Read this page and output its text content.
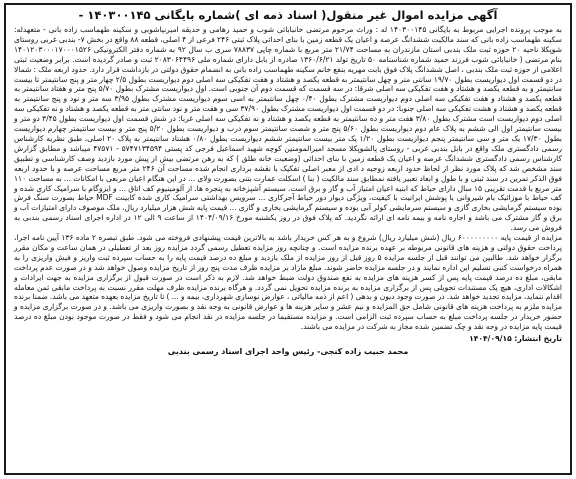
آگهی مزایده اموال غیر منقول( اسناد ذمه ای )شماره بایگانی ۱۴۰۳۰۰۱۴۵ -
به موجب پرونده اجرایی مربوط به بایگانی ۱۴۰۳۰۰۱۴۵ له : وراث مرحوم مرتضی خانبابائی شوب و حمید رهامی و حدیقه امیرنیاشوبی و سکینه طهماسب زاده بانی - متعهدله: سکینه طهماسب زاده بانی که سند مالکیت ششدانگ عرصه و اعیان یک قطعه زمین با بنای احداثی پلاک ثبتی ۲۴۶ فرعی از ۴ اصلی، قطعه ۸۸ واقع در بخش ۷- بندبی غربی روستای شوپکلا ناحیه ۲۰ حوزه ثبت ملک بندبی استان مازندران به مساحت ۲۱/۷۴ متر مربع با شماره چاپی ۷۸۸۳۷ سری ب سال ۹۲ به شماره دفتر الکترونیکی ۱۴۰۱۲۰۳۰۰۰۱۷۰۰۰۱۵۲۶ بنام مرتضی ( خانبابائی شوب فرزند حمید شماره شناسنامه ۵۰ تاریخ تولد ۱۳۶۰/۶/۲۱ صادره از بابل دارای شماره ملی ۲۰۸۳۰۶۴۴۹۶ ثبت و صادر گردیده است. برابر وضعیت ثبتی اعلامی از حوزه ثبت ملک بندبی ، اصل ششدانگ پلاک فوق بابت مهریه بنفع خانم سکینه طهماسب زاده بانی به انضمام حقوق دولتی در بازداشت قرار دارد. حدود اربعه ملک : شمالا در دو قسمت اول دیواریست بطول ۱۹/۷۰ سانتی متر و چهل سانتیمتر به قطعه یکصد و هشتاد و هفت تفکیکی سه اصلی دوم دیواریست بطول ۲/۵ چهار متر و پنج سانتیمتر تا بیست سانتیمتر و به قطعه یکصد و هشتاد و هفت تفکیکی سه اصلی شرقا: در سه قسمت که قسمت دوم آن جنوبی است. اول دیواریست مشترک بطول ۵/۷۰ پنج متر و هفتاد سانتیمتر به قطعه یکصد و هشتاد و هفت تفکیکی سه اصلی دوم دیواریست مشترک بطول ۰/۴۰ چهل سانتیمتر به اسی سوم دیواریست مشترک بطول ۳/۹۵ سه متر و نود و پنج سانتیمتر به قطعه یکصد و هشتاد و هشت تفکیکی سه اصلی جنوبا: در دو قسمت اول دیواریست مشترک بطول ۳۷/۹۰ سی و هفت متر و نود سانتی متر به قطعه یکصد و هشتاد و نه تفکیکی سه اصلی دوم دیواریست است مشترک بطول ۳/۸۰ هفت متر و ده سانتیمتر به قطعه یکصد و هشتاد و نه تفکیکی سه اصلی غربا: در شش قسمت اول دیواریست بطول ۳/۴۵ دو متر و بیست سانتیمتر اول الی ششم به پلاک عام دوم دیواریست بطول ۵/۶۰ پنج متر و شصت سانتیمتر سوم درب و دیواریست بطول ۵/۲۰ پنج متر و بیست سانتیمتر چهارم دیواریست بطول ۱۷/۳۰ یک متر و سی سانتیمتر پنجم دیواریست بطول ۱/۲۰ یک متر بیست سانتیمتر ششم دیواریست بطول ۰/۸۰ هشتاد سانتیمتر به پلاک ۲۰ اصلی، طبق نظریه کارشناس رسمی دادگستری ملک واقع در بابل بندبی غربی - روستای پالشوپکلا مسجد امیرالمومنین کوچه شهید اسماعیل فرجی کد پستی ۵۷۴۷۱۳۴۵۹۴ - ۴۷۵۷۱ میباشد و مطابق گزارش کارشناس رسمی دادگستری ششدانگ عرصه و اعیان یک قطعه زمین با بنای احداثی (وضعیت خانه طلق ) که به رهن مرتضی بیش از پیش مورد بازدید وصف کارشناسی و تطبیق سند مشخص شد که پلاک مورد نظر از لحاظ حدود اربعه زوجیه د ادی از معبر اصلی تفکیک با نقشه برداری انجام شده مساحت آن ۲۴۶ متر مربع مساحت عرصه و با حدود اربعه فوق الذکر تمرین در سند ثبتی و با طول و ابعاد تعبیر یافته نمطابق سند مالکیت ( بنا ) اسکلت عمارت بتنی بصورت ولای ... در این هنگام اعیان مربعی با امکانات ... به مساحت ۱۱۰ متر مربع با قدمت تقریبی ۱۵ سال دارای حیاط که ابنیه اعیان امتیاز آب و گاز و برق است. سیستم آشپزخانه به پنجره ها. از آلومینیوم کف اتاق ... و ایزوگام با سرامیک کاری شده و کف حیاط با موزائیک بام شیروانی با پوشش ایرانیت با کیفیت، ویژگی دیوار دور حیاط آجرکاری ... سرویس بهداشتی سرامیک کاری شده کابینت MDF حیاط بصورت سنگ فرش بوده سیستم گرمایشی بخاری گازی و سیستم سرمایشی کولر آبی بوده و سیستم گرمایشی بخاری و گازی ... قیمت پایه شش هزار میلیارد ریال، ملک موصوف دارای امتیازات آب و برق و گاز مشترک می باشد و اجاره نامه و بیمه نامه ای ارائه نگردید. که پلاک فوق در روز یکشنبه مورخ ۱۴۰۴/۰۹/۱۶ از ساعت ۹ الی ۱۲ در اداره اجرای اسناد رسمی بندبی به فروش می رسد.
مزایده از قیمت پایه ۶۰۰۰۰۰۰۰۰۰ ریال (شش میلیارد ریال) شروع و به هر کس خریدار باشد به بالاترین قیمت پیشنهادی فروخته می شود. طبق تبصره ۲ ماده ۱۳۶ آیین نامه اجرا، پرداخت حقوق دولتی و هزینه های قانونی مربوطه بر عهده برنده مزایده است. و چنانچه روز مزایده تعطیل رسمی گردد مزایده روز بعد از تعطیلی در همان ساعت و مکان مقرر برگزار خواهد شد. طالبین می توانند قبل از جلسه مزایده ۵ روز قبل از روز مزایده از ملک بازدید و مبلغ ده درصد قیمت پایه را به حساب سپرده ثبت واریز و فیش واریزی را به همراه درخواست کتبی تسلیم این اداره نمایند و در جلسه مزایده حاضر شوند. مبلغ مازاد بر مزایده ظرف مدت پنج روز از تاریخ مزایده وصول خواهد شد و در صورت عدم پرداخت مابقی، مبلغ ده درصد قیمت پایه پس از کسر هزینه های مزایده به نفع صندوق دولت ضبط خواهد شد. لازم به ذکر است در صورت قبول از برگزاری مزایده به جهت ایرادات و اشکالات اداری، هیچ یک مستندات تحویلی پس از برگزاری مزایده به برنده مزایده تحویل نمی گردد. و هرگاه برنده مزایده ظرف مهلت مقرر نسبت به پرداخت مابقی ثمن معامله اقدام ننماید، مزایده تجدید خواهد شد. در صورت وجود دیون و بدهی ( اعم از ذمه مالیاتی ، عوارض نوسازی شهرداری، بیمه و ... ) تا تاریخ مزایده بعهده متعهد می باشد. ضمنا برنده مزایده ملزم به پرداخت هزینه های قانونی شامل حق المزایده و نیم عشر و سایر هزینه ها و عوارض قانونی به وجه نقد و بصورت واریزی می باشد. و در صورت برگزاری مزایده و حضور خریدار در جلسه پرداخت مبلغ به حساب سپرده ثبت الزامی است. و مزایده مستقیما در جلسه مزایده در نقد انجام می شود و فقط در صورت موجود بودن مبلغ ده درصد قیمت پایه مزایده در وجه نقد و چک تضمین شده مجاز به شرکت در مزایده می باشند.
تاریخ انتشار: ۱۴۰۴/۰۹/۱۵
محمد حبیب زاده کنجی- رئیس واحد اجرای اسناد رسمی بندبی
